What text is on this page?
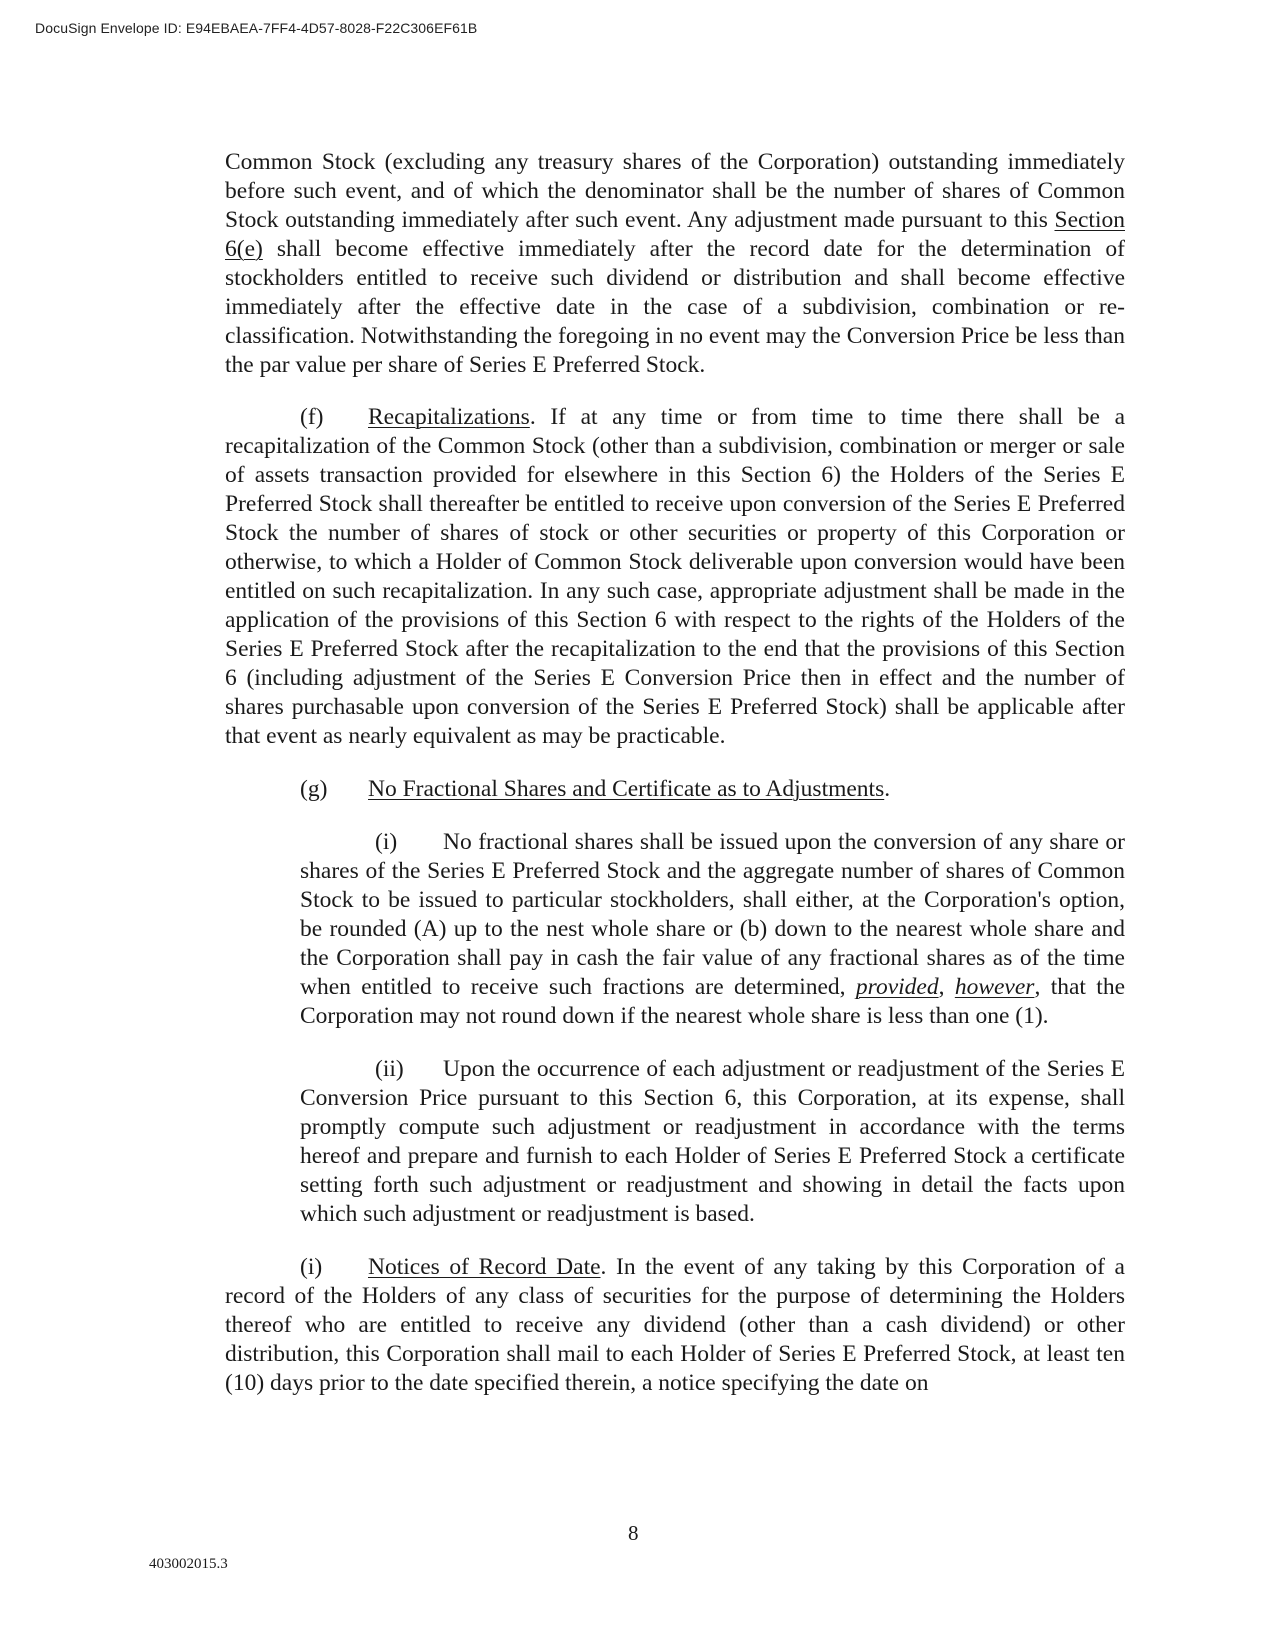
DocuSign Envelope ID: E94EBAEA-7FF4-4D57-8028-F22C306EF61B

Common Stock (excluding any treasury shares of the Corporation) outstanding immediately before such event, and of which the denominator shall be the number of shares of Common Stock outstanding immediately after such event. Any adjustment made pursuant to this Section 6(e) shall become effective immediately after the record date for the determination of stockholders entitled to receive such dividend or distribution and shall become effective immediately after the effective date in the case of a subdivision, combination or re-classification. Notwithstanding the foregoing in no event may the Conversion Price be less than the par value per share of Series E Preferred Stock.

(f) Recapitalizations. If at any time or from time to time there shall be a recapitalization of the Common Stock (other than a subdivision, combination or merger or sale of assets transaction provided for elsewhere in this Section 6) the Holders of the Series E Preferred Stock shall thereafter be entitled to receive upon conversion of the Series E Preferred Stock the number of shares of stock or other securities or property of this Corporation or otherwise, to which a Holder of Common Stock deliverable upon conversion would have been entitled on such recapitalization. In any such case, appropriate adjustment shall be made in the application of the provisions of this Section 6 with respect to the rights of the Holders of the Series E Preferred Stock after the recapitalization to the end that the provisions of this Section 6 (including adjustment of the Series E Conversion Price then in effect and the number of shares purchasable upon conversion of the Series E Preferred Stock) shall be applicable after that event as nearly equivalent as may be practicable.

(g) No Fractional Shares and Certificate as to Adjustments.

(i) No fractional shares shall be issued upon the conversion of any share or shares of the Series E Preferred Stock and the aggregate number of shares of Common Stock to be issued to particular stockholders, shall either, at the Corporation's option, be rounded (A) up to the nest whole share or (b) down to the nearest whole share and the Corporation shall pay in cash the fair value of any fractional shares as of the time when entitled to receive such fractions are determined, provided, however, that the Corporation may not round down if the nearest whole share is less than one (1).

(ii) Upon the occurrence of each adjustment or readjustment of the Series E Conversion Price pursuant to this Section 6, this Corporation, at its expense, shall promptly compute such adjustment or readjustment in accordance with the terms hereof and prepare and furnish to each Holder of Series E Preferred Stock a certificate setting forth such adjustment or readjustment and showing in detail the facts upon which such adjustment or readjustment is based.

(i) Notices of Record Date. In the event of any taking by this Corporation of a record of the Holders of any class of securities for the purpose of determining the Holders thereof who are entitled to receive any dividend (other than a cash dividend) or other distribution, this Corporation shall mail to each Holder of Series E Preferred Stock, at least ten (10) days prior to the date specified therein, a notice specifying the date on

8
403002015.3
